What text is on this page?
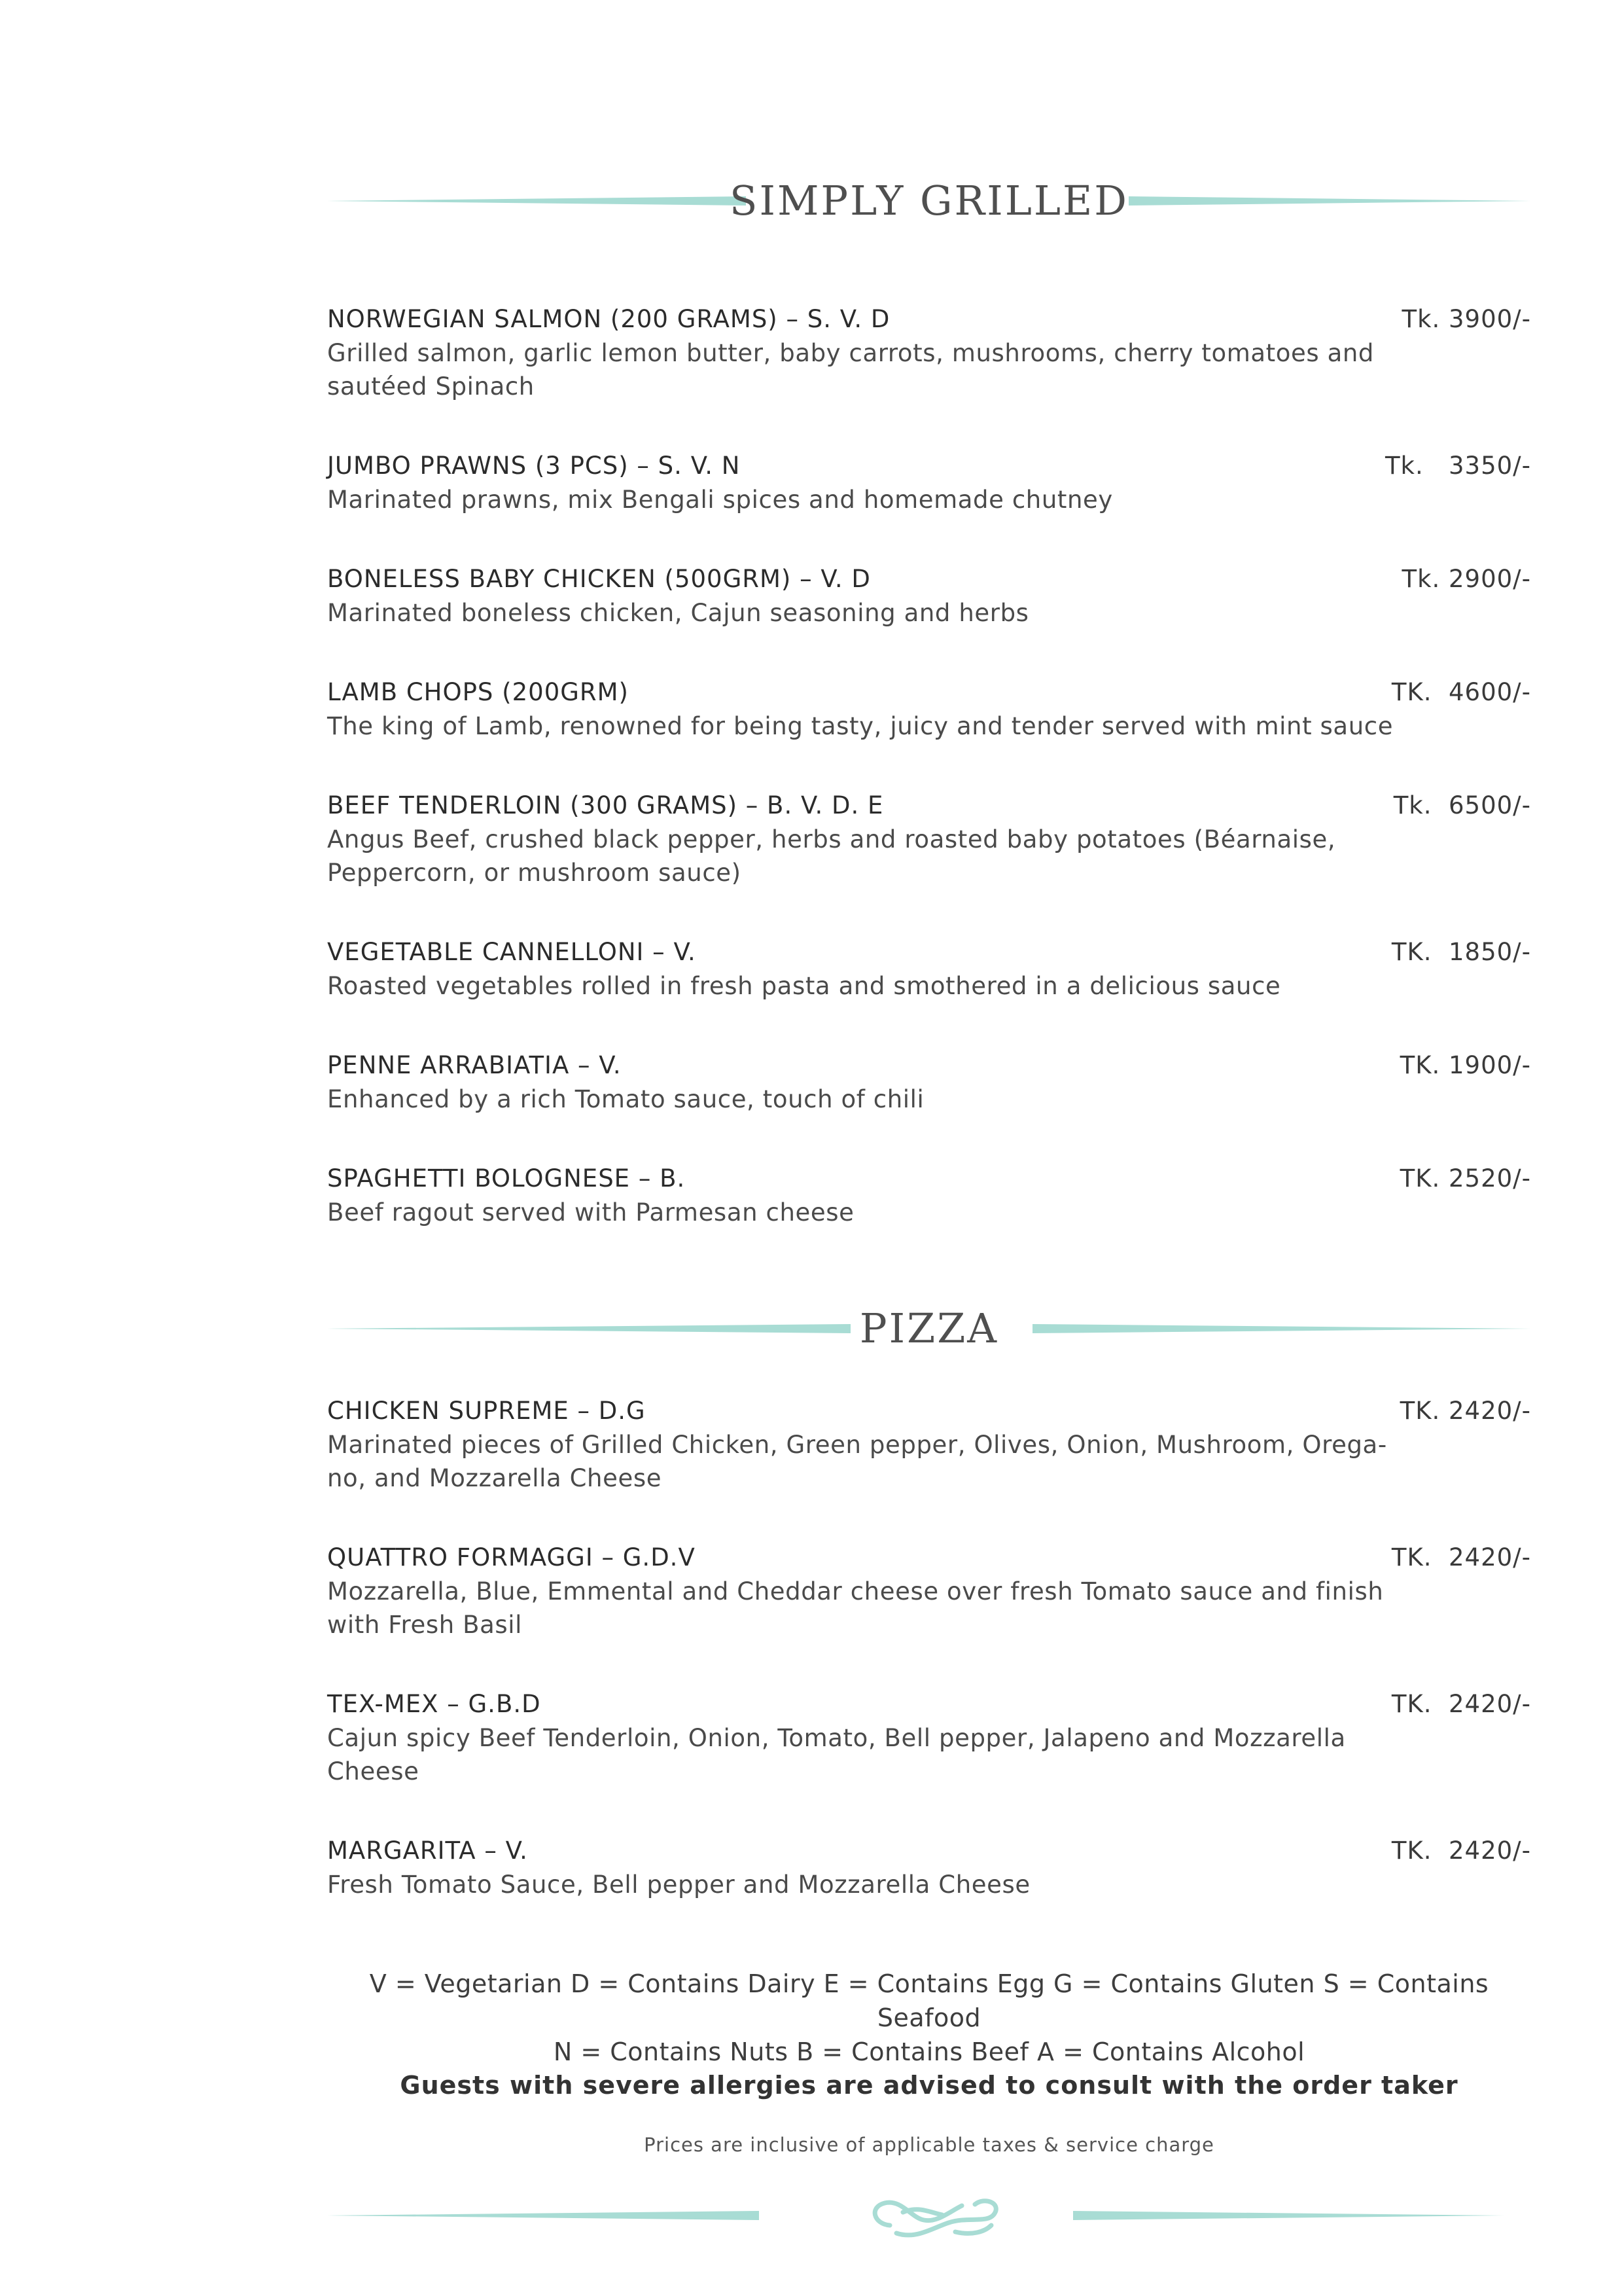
SIMPLY GRILLED
NORWEGIAN SALMON (200 GRAMS) – S. V. D	Tk. 3900/-
Grilled salmon, garlic lemon butter, baby carrots, mushrooms, cherry tomatoes and sautéed Spinach
JUMBO PRAWNS (3 PCS) – S. V. N	Tk.   3350/-
Marinated prawns, mix Bengali spices and homemade chutney
BONELESS BABY CHICKEN (500GRM) – V. D	Tk. 2900/-
Marinated boneless chicken, Cajun seasoning and herbs
LAMB CHOPS (200GRM)	TK.  4600/-
The king of Lamb, renowned for being tasty, juicy and tender served with mint sauce
BEEF TENDERLOIN (300 GRAMS) – B. V. D. E	Tk.  6500/-
Angus Beef, crushed black pepper, herbs and roasted baby potatoes (Béarnaise, Peppercorn, or mushroom sauce)
VEGETABLE CANNELLONI – V.	TK.  1850/-
Roasted vegetables rolled in fresh pasta and smothered in a delicious sauce
PENNE ARRABIATIA – V.	TK. 1900/-
Enhanced by a rich Tomato sauce, touch of chili
SPAGHETTI BOLOGNESE – B.	TK. 2520/-
Beef ragout served with Parmesan cheese
PIZZA
CHICKEN SUPREME – D.G	TK. 2420/-
Marinated pieces of Grilled Chicken, Green pepper, Olives, Onion, Mushroom, Orega-no, and Mozzarella Cheese
QUATTRO FORMAGGI – G.D.V	TK.  2420/-
Mozzarella, Blue, Emmental and Cheddar cheese over fresh Tomato sauce and finish with Fresh Basil
TEX-MEX – G.B.D	TK.  2420/-
Cajun spicy Beef Tenderloin, Onion, Tomato, Bell pepper, Jalapeno and Mozzarella Cheese
MARGARITA – V.	TK.  2420/-
Fresh Tomato Sauce, Bell pepper and Mozzarella Cheese
V = Vegetarian D = Contains Dairy E = Contains Egg G = Contains Gluten S = Contains Seafood
N = Contains Nuts B = Contains Beef A = Contains Alcohol
Guests with severe allergies are advised to consult with the order taker
Prices are inclusive of applicable taxes & service charge
